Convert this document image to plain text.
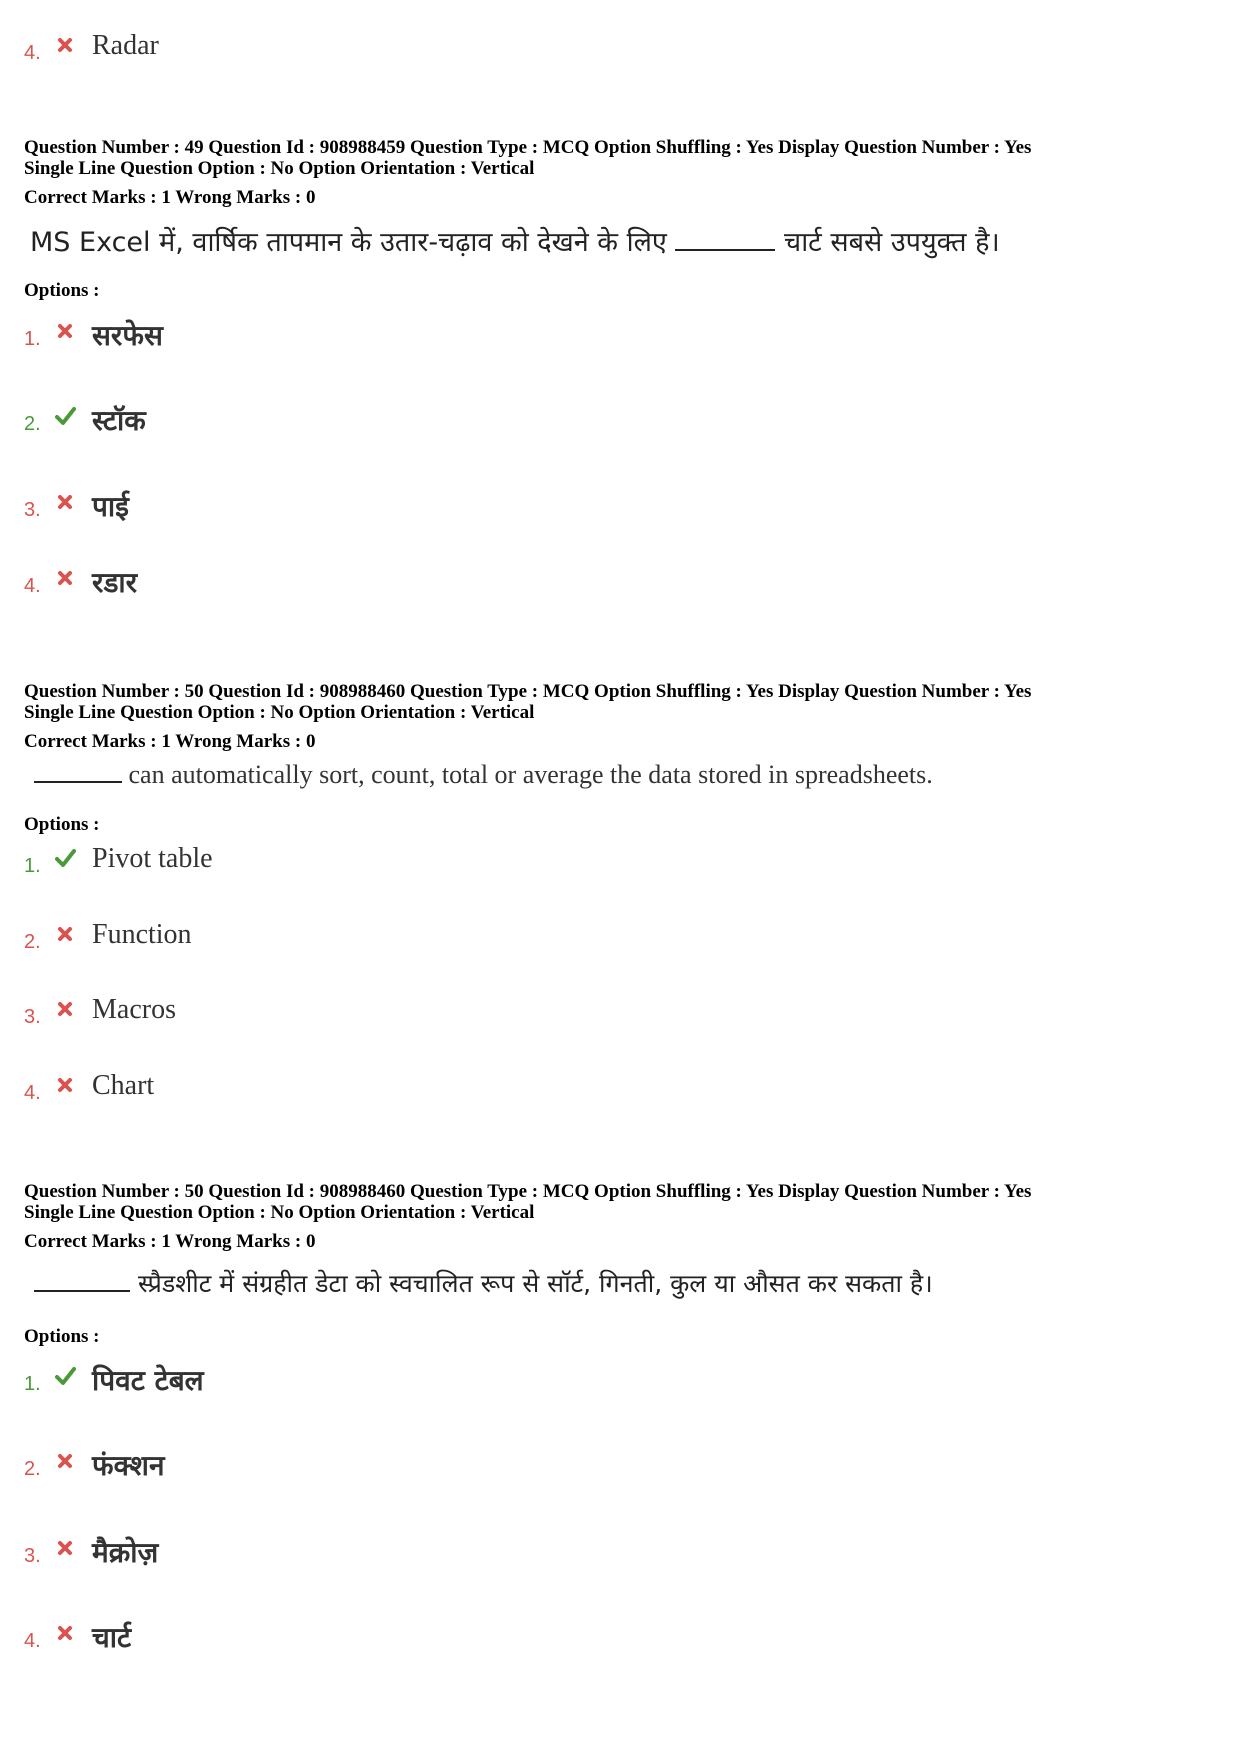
4. Radar
Question Number : 49 Question Id : 908988459 Question Type : MCQ Option Shuffling : Yes Display Question Number : Yes
Single Line Question Option : No Option Orientation : Vertical
Correct Marks : 1 Wrong Marks : 0
MS Excel में, वार्षिक तापमान के उतार-चढ़ाव को देखने के लिए	चार्ट सबसे उपयुक्त है।
Options :
1. सरफेस
2. स्टॉक
3. पाई
4. रडार
Question Number : 50 Question Id : 908988460 Question Type : MCQ Option Shuffling : Yes Display Question Number : Yes
Single Line Question Option : No Option Orientation : Vertical
Correct Marks : 1 Wrong Marks : 0
can automatically sort, count, total or average the data stored in spreadsheets.
Options :
1. Pivot table
2. Function
3. Macros
4. Chart
Question Number : 50 Question Id : 908988460 Question Type : MCQ Option Shuffling : Yes Display Question Number : Yes
Single Line Question Option : No Option Orientation : Vertical
Correct Marks : 1 Wrong Marks : 0
स्प्रैडशीट में संग्रहीत डेटा को स्वचालित रूप से सॉर्ट, गिनती, कुल या औसत कर सकता है।
Options :
1. पिवट टेबल
2. फंक्शन
3. मैक्रोज़
4. चार्ट
